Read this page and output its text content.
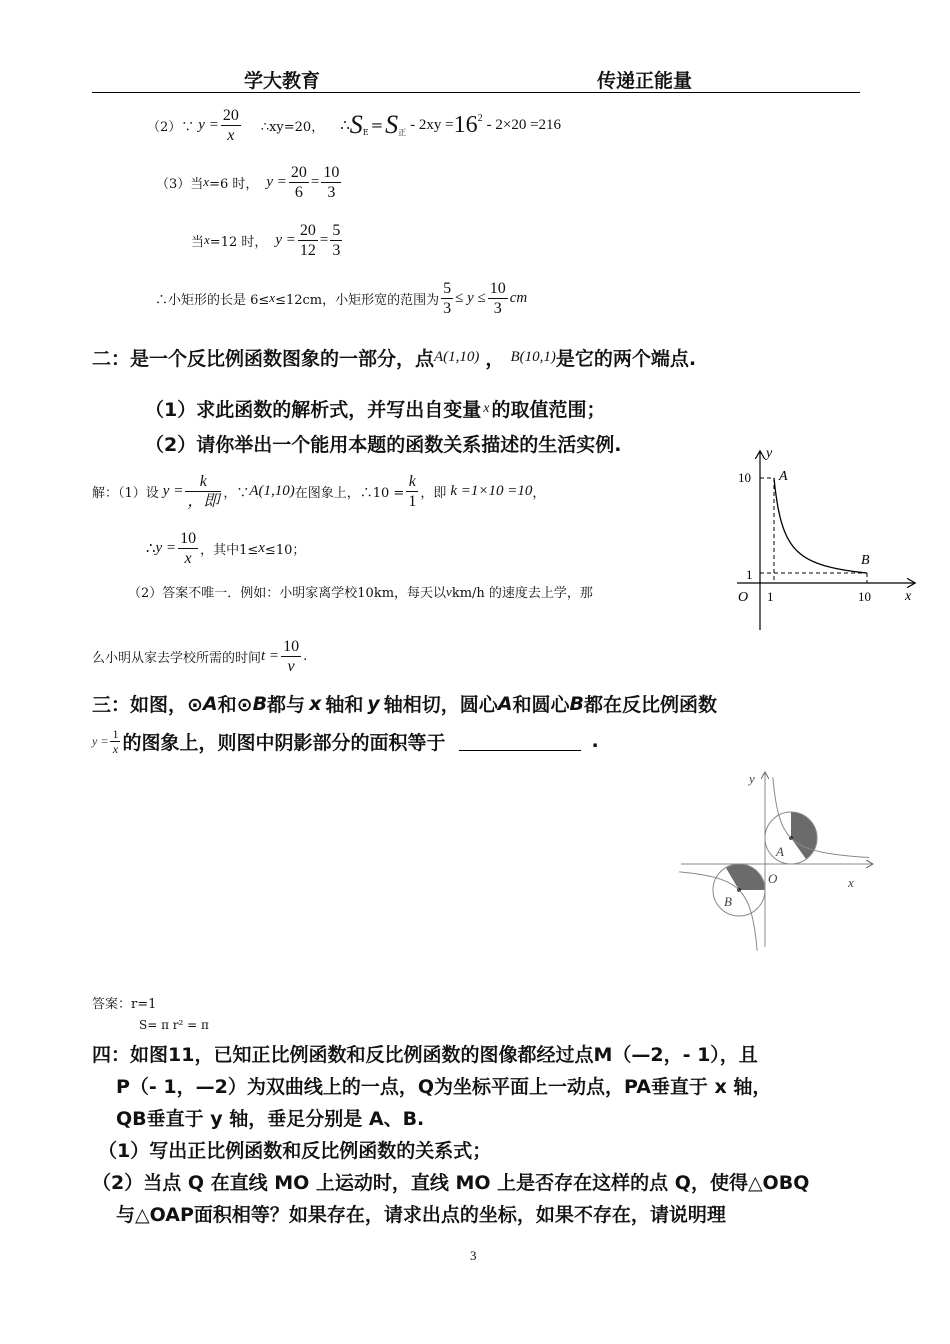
学大教育	传递正能量
（2）∵ $y = \frac{20}{x}$ ∴xy=20， ∴ S E = S 正 - 2xy = 16 2 - 2×20 =216
（3）当 x =6 时， $y = \frac{20}{6} = \frac{10}{3}$
当 x =12 时， $y = \frac{20}{12} = \frac{5}{3}$
∴小矩形的长是 6≤ x ≤12cm，小矩形宽的范围为 $\frac{5}{3} \le y \le \frac{10}{3}$ cm
二：是一个反比例函数图象的一部分，点 A(1,10) ， B(10,1) 是它的两个端点.
（1）求此函数的解析式，并写出自变量 x 的取值范围；
（2）请你举出一个能用本题的函数关系描述的生活实例.
解：（1）设 $y = \frac{k}{\text{，即}}$ ，∵ A(1,10) 在图象上，∴10 = $\frac{k}{1}$ ，即 k =1×10 =10 ，
∴ $y = \frac{10}{x}$ ，其中1≤ x ≤10；
（2）答案不唯一．例如：小明家离学校10km，每天以 v km/h 的速度去上学，那
么小明从家去学校所需的时间 $t = \frac{10}{v}$ .
y
x
O
10
1
1	10
A
B
三：如图，⊙ A 和⊙ B 都与 x 轴和 y 轴相切，圆心 A 和圆心 B 都在反比例函数
$y = \frac{1}{x}$ 的图象上，则图中阴影部分的面积等于	.
y
x
O
A
B
答案：r=1
S= π r² = π
四：如图11，已知正比例函数和反比例函数的图像都经过点M（—2，- 1），且
P（- 1，—2）为双曲线上的一点，Q为坐标平面上一动点，PA垂直于 x 轴，
QB垂直于 y 轴，垂足分别是 A、B.
（1）写出正比例函数和反比例函数的关系式；
（2）当点 Q 在直线 MO 上运动时，直线 MO 上是否存在这样的点 Q，使得△OBQ
与△OAP面积相等？如果存在，请求出点的坐标，如果不存在，请说明理
3
